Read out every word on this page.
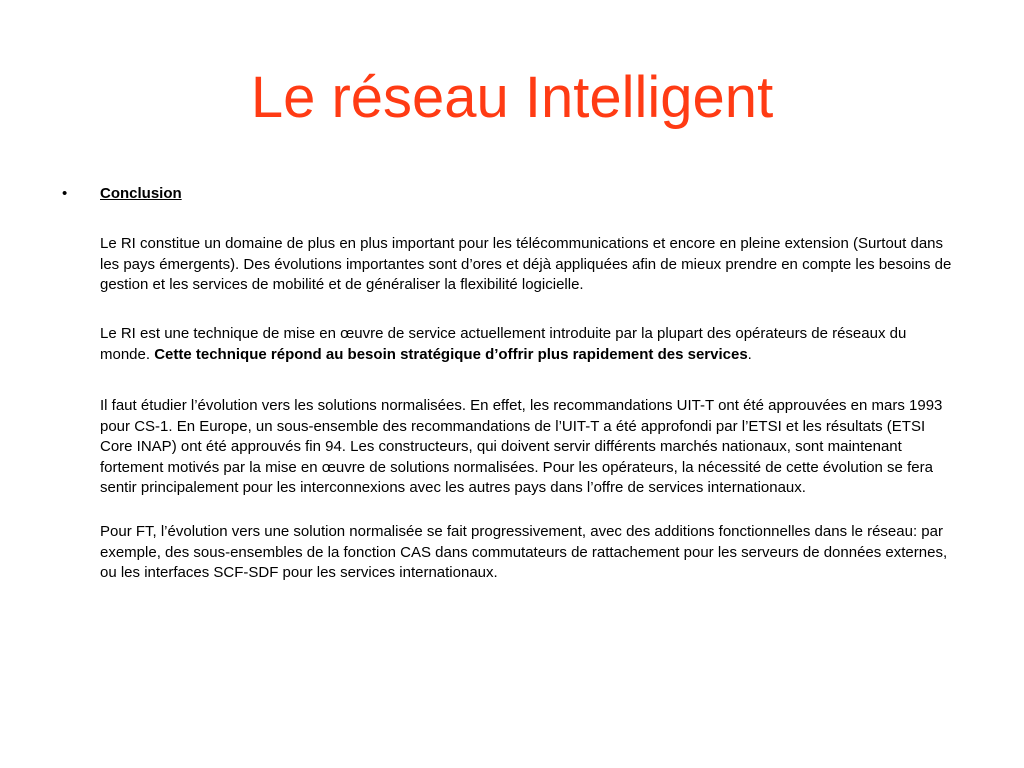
Le réseau Intelligent
•	Conclusion

Le RI constitue un domaine de plus en plus important pour les télécommunications et encore en pleine extension (Surtout dans les pays émergents). Des évolutions importantes sont d’ores et déjà appliquées afin de mieux prendre en compte les besoins de gestion et les services de mobilité et de généraliser la flexibilité logicielle.

Le RI est une technique de mise en œuvre de service actuellement introduite par la plupart des opérateurs de réseaux du monde. Cette technique répond au besoin stratégique d’offrir plus rapidement des services.

Il faut étudier l’évolution vers les solutions normalisées. En effet, les recommandations UIT-T ont été approuvées en mars 1993 pour CS-1. En Europe, un sous-ensemble des recommandations de l’UIT-T a été approfondi par l’ETSI et les résultats (ETSI Core INAP) ont été approuvés fin 94. Les constructeurs, qui doivent servir différents marchés nationaux, sont maintenant fortement motivés par la mise en œuvre de solutions normalisées. Pour les opérateurs, la nécessité de cette évolution se fera sentir principalement pour les interconnexions avec les autres pays dans l’offre de services internationaux.

Pour FT, l’évolution vers une solution normalisée se fait progressivement, avec des additions fonctionnelles dans le réseau: par exemple, des sous-ensembles de la fonction CAS dans commutateurs de rattachement pour les serveurs de données externes, ou les interfaces SCF-SDF pour les services internationaux.
